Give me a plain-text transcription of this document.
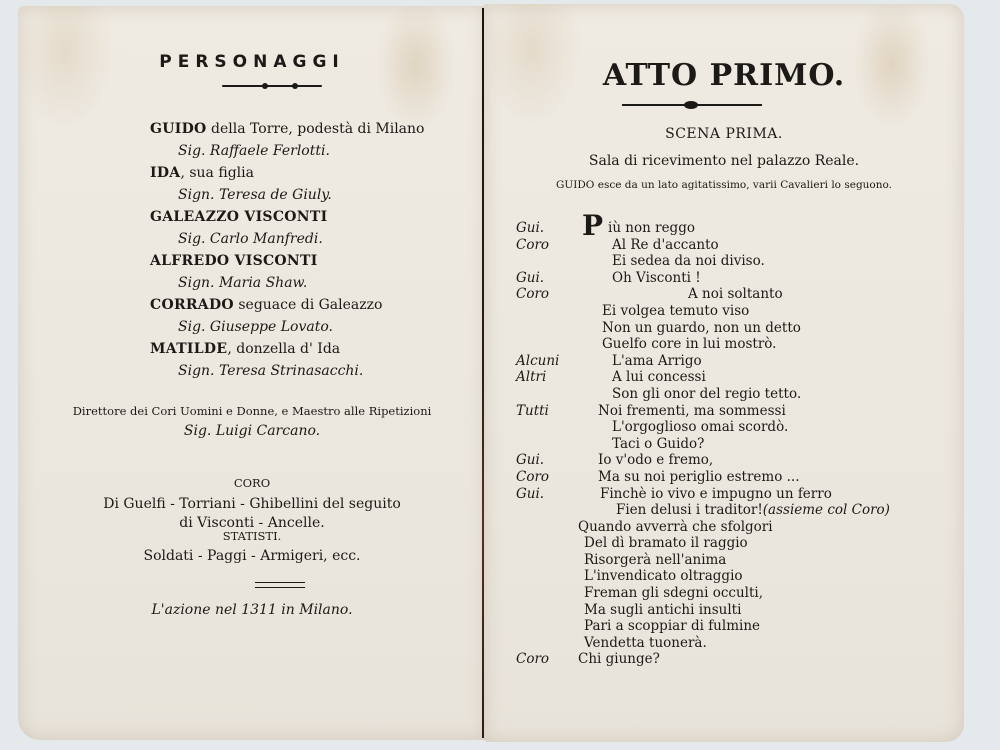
PERSONAGGI
GUIDO della Torre, podestà di Milano
Sig. Raffaele Ferlotti.
IDA, sua figlia
Sign. Teresa de Giuly.
GALEAZZO VISCONTI
Sig. Carlo Manfredi.
ALFREDO VISCONTI
Sign. Maria Shaw.
CORRADO seguace di Galeazzo
Sig. Giuseppe Lovato.
MATILDE, donzella d' Ida
Sign. Teresa Strinasacchi.
Direttore dei Cori Uomini e Donne, e Maestro alle Ripetizioni
Sig. Luigi Carcano.
CORO
Di Guelfi - Torriani - Ghibellini del seguito
di Visconti - Ancelle.
STATISTI.
Soldati - Paggi - Armigeri, ecc.
L'azione nel 1311 in Milano.
ATTO PRIMO.
SCENA PRIMA.
Sala di ricevimento nel palazzo Reale.
GUIDO esce da un lato agitatissimo, varii Cavalieri lo seguono.
P
Gui.	iù non reggo
Coro	Al Re d'accanto
Ei sedea da noi diviso.
Gui.	Oh Visconti !
Coro	A noi soltanto
Ei volgea temuto viso
Non un guardo, non un detto
Guelfo core in lui mostrò.
Alcuni	L'ama Arrigo
Altri	A lui concessi
Son gli onor del regio tetto.
Tutti	Noi frementi, ma sommessi
L'orgoglioso omai scordò.
Taci o Guido?
Gui.	Io v'odo e fremo,
Coro	Ma su noi periglio estremo ...
Gui.	Finchè io vivo e impugno un ferro
Fien delusi i traditor! (assieme col Coro)
Quando avverrà che sfolgori
Del dì bramato il raggio
Risorgerà nell'anima
L'invendicato oltraggio
Freman gli sdegni occulti,
Ma sugli antichi insulti
Pari a scoppiar di fulmine
Vendetta tuonerà.
Coro	Chi giunge?
